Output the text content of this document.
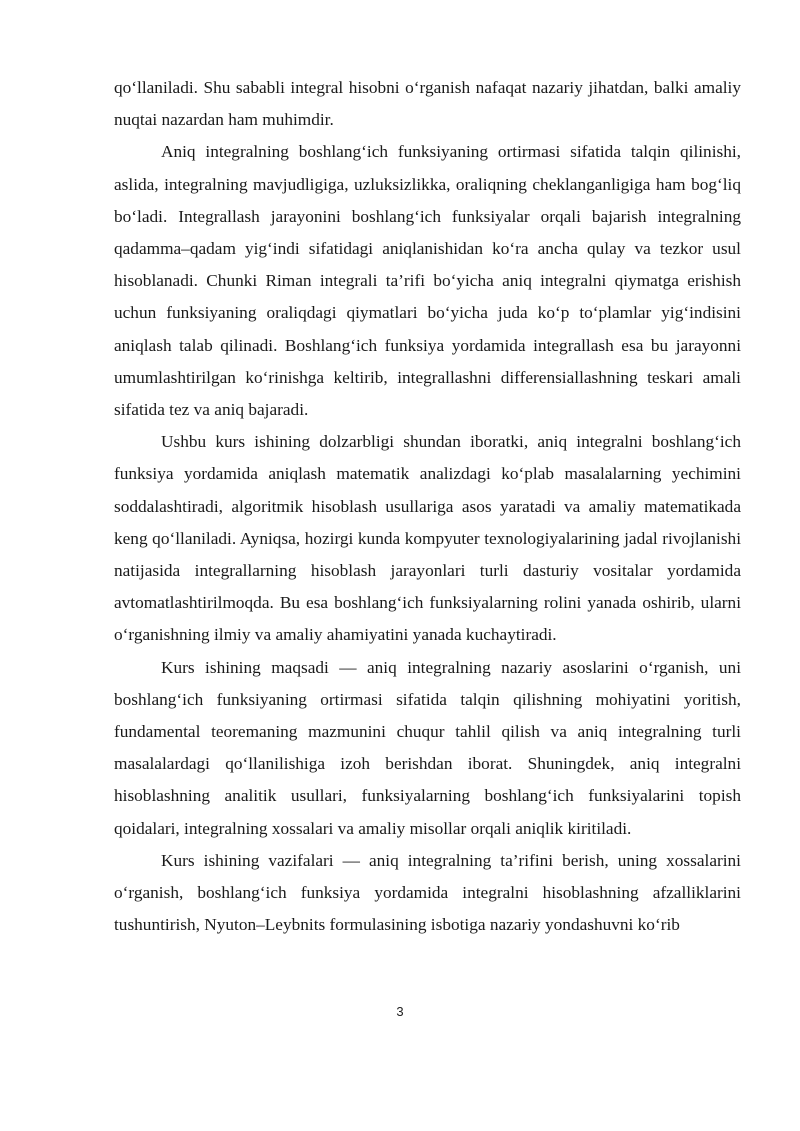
qo‘llaniladi. Shu sababli integral hisobni o‘rganish nafaqat nazariy jihatdan, balki amaliy nuqtai nazardan ham muhimdir.

Aniq integralning boshlang‘ich funksiyaning ortirmasi sifatida talqin qilinishi, aslida, integralning mavjudligiga, uzluksizlikka, oraliqning cheklanganligiga ham bog‘liq bo‘ladi. Integrallash jarayonini boshlang‘ich funksiyalar orqali bajarish integralning qadamma–qadam yig‘indi sifatidagi aniqlanishidan ko‘ra ancha qulay va tezkor usul hisoblanadi. Chunki Riman integrali ta’rifi bo‘yicha aniq integralni qiymatga erishish uchun funksiyaning oraliqdagi qiymatlari bo‘yicha juda ko‘p to‘plamlar yig‘indisini aniqlash talab qilinadi. Boshlang‘ich funksiya yordamida integrallash esa bu jarayonni umumlashtirilgan ko‘rinishga keltirib, integrallashni differensiallashning teskari amali sifatida tez va aniq bajaradi.

Ushbu kurs ishining dolzarbligi shundan iboratki, aniq integralni boshlang‘ich funksiya yordamida aniqlash matematik analizdagi ko‘plab masalalarning yechimini soddalashtiradi, algoritmik hisoblash usullariga asos yaratadi va amaliy matematikada keng qo‘llaniladi. Ayniqsa, hozirgi kunda kompyuter texnologiyalarining jadal rivojlanishi natijasida integrallarning hisoblash jarayonlari turli dasturiy vositalar yordamida avtomatlashtirilmoqda. Bu esa boshlang‘ich funksiyalarning rolini yanada oshirib, ularni o‘rganishning ilmiy va amaliy ahamiyatini yanada kuchaytiradi.

Kurs ishining maqsadi — aniq integralning nazariy asoslarini o‘rganish, uni boshlang‘ich funksiyaning ortirmasi sifatida talqin qilishning mohiyatini yoritish, fundamental teoremaning mazmunini chuqur tahlil qilish va aniq integralning turli masalalardagi qo‘llanilishiga izoh berishdan iborat. Shuningdek, aniq integralni hisoblashning analitik usullari, funksiyalarning boshlang‘ich funksiyalarini topish qoidalari, integralning xossalari va amaliy misollar orqali aniqlik kiritiladi.

Kurs ishining vazifalari — aniq integralning ta’rifini berish, uning xossalarini o‘rganish, boshlang‘ich funksiya yordamida integralni hisoblashning afzalliklarini tushuntirish, Nyuton–Leybnits formulasining isbotiga nazariy yondashuvni ko‘rib

3
